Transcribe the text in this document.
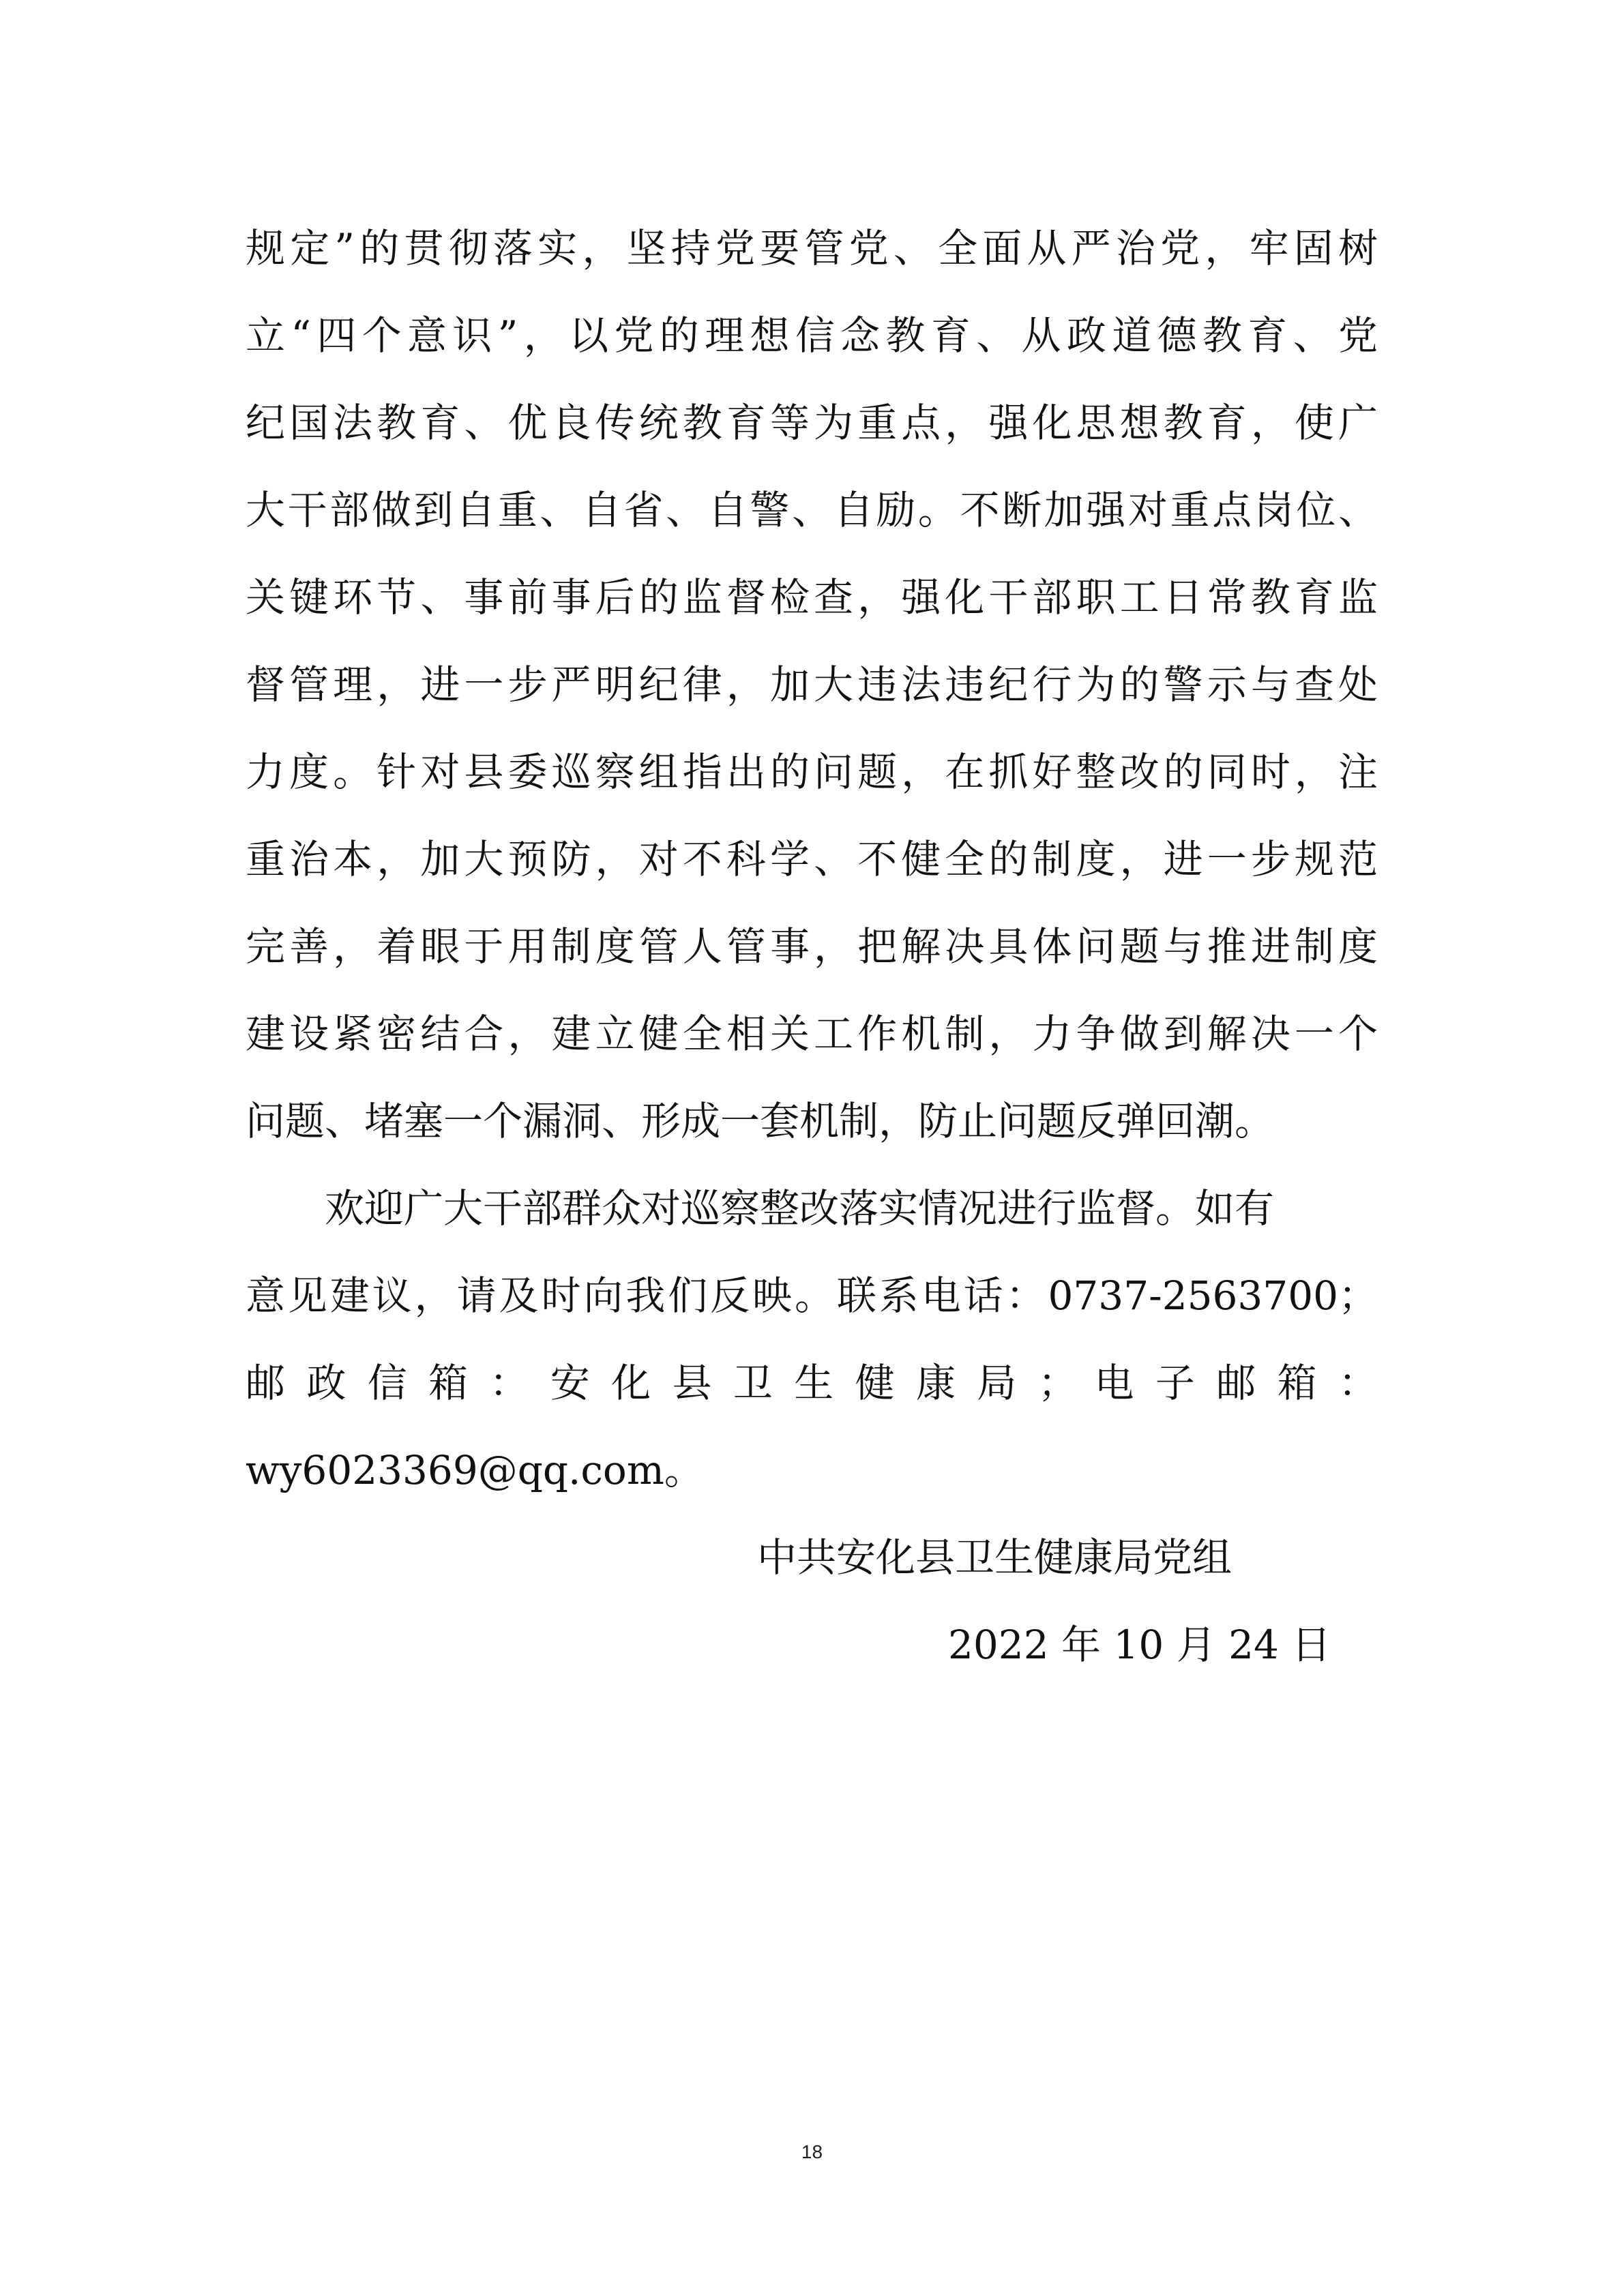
规定”的贯彻落实，坚持党要管党、全面从严治党，牢固树
立“四个意识”，以党的理想信念教育、从政道德教育、党
纪国法教育、优良传统教育等为重点，强化思想教育，使广
大干部做到自重、自省、自警、自励。不断加强对重点岗位、
关键环节、事前事后的监督检查，强化干部职工日常教育监
督管理，进一步严明纪律，加大违法违纪行为的警示与查处
力度。针对县委巡察组指出的问题，在抓好整改的同时，注
重治本，加大预防，对不科学、不健全的制度，进一步规范
完善，着眼于用制度管人管事，把解决具体问题与推进制度
建设紧密结合，建立健全相关工作机制，力争做到解决一个
问题、堵塞一个漏洞、形成一套机制，防止问题反弹回潮。
　　欢迎广大干部群众对巡察整改落实情况进行监督。如有
意见建议，请及时向我们反映。联系电话：0737-2563700；
邮 政 信 箱 ： 安 化 县 卫 生 健 康 局 ； 电 子 邮 箱 ：
wy6023369@qq.com。
中共安化县卫生健康局党组
2022 年 10 月 24 日
18
